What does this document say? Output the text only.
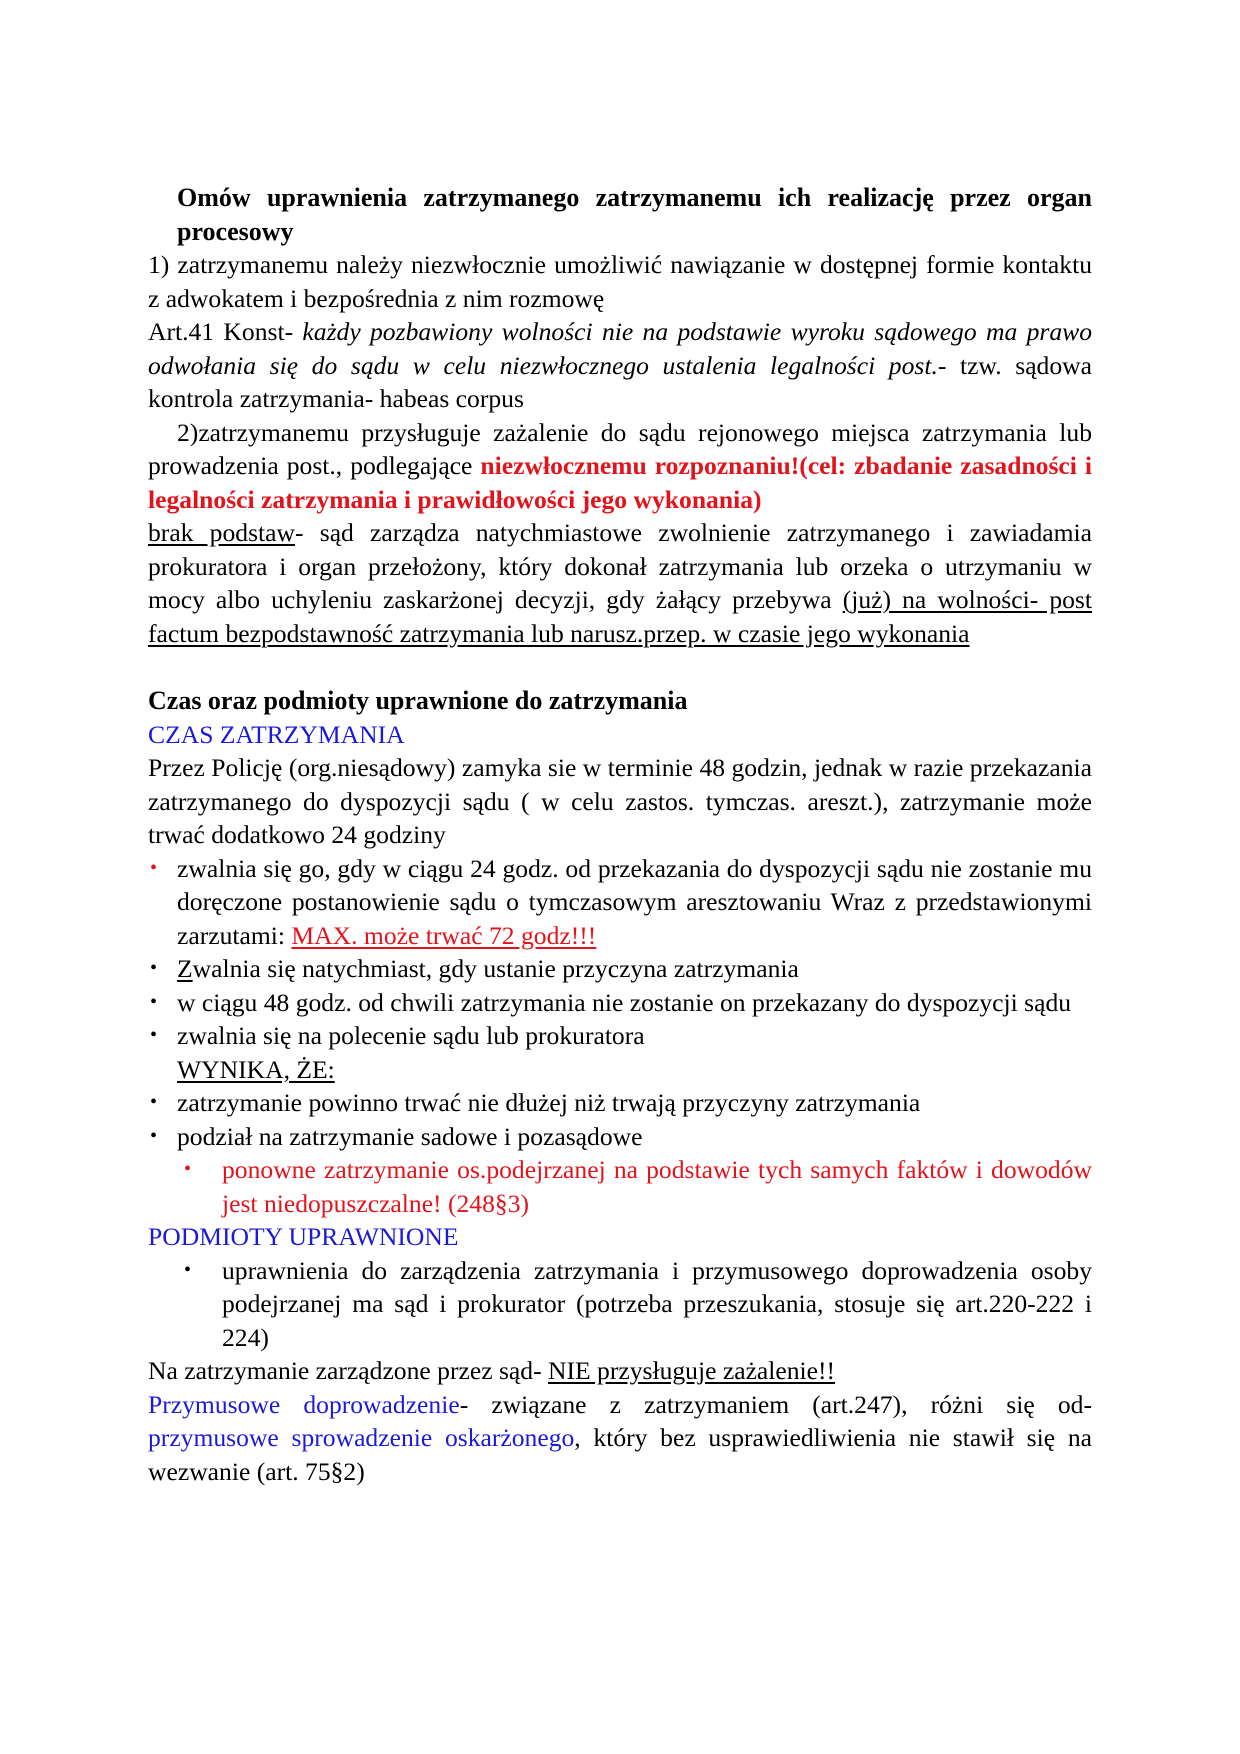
Omów uprawnienia zatrzymanego zatrzymanemu ich realizację przez organ procesowy

1) zatrzymanemu należy niezwłocznie umożliwić nawiązanie w dostępnej formie kontaktu z adwokatem i bezpośrednia z nim rozmowę

Art.41 Konst- każdy pozbawiony wolności nie na podstawie wyroku sądowego ma prawo odwołania się do sądu w celu niezwłocznego ustalenia legalności post.- tzw. sądowa kontrola zatrzymania- habeas corpus

2)zatrzymanemu przysługuje zażalenie do sądu rejonowego miejsca zatrzymania lub prowadzenia post., podlegające niezwłocznemu rozpoznaniu!(cel: zbadanie zasadności i legalności zatrzymania i prawidłowości jego wykonania)

brak podstaw- sąd zarządza natychmiastowe zwolnienie zatrzymanego i zawiadamia prokuratora i organ przełożony, który dokonał zatrzymania lub orzeka o utrzymaniu w mocy albo uchyleniu zaskarżonej decyzji, gdy żałący przebywa (już) na wolności- post factum bezpodstawność zatrzymania lub narusz.przep. w czasie jego wykonania

Czas oraz podmioty uprawnione do zatrzymania

CZAS ZATRZYMANIA

Przez Policję (org.niesądowy) zamyka sie w terminie 48 godzin, jednak w razie przekazania zatrzymanego do dyspozycji sądu ( w celu zastos. tymczas. areszt.), zatrzymanie może trwać dodatkowo 24 godziny

• zwalnia się go, gdy w ciągu 24 godz. od przekazania do dyspozycji sądu nie zostanie mu doręczone postanowienie sądu o tymczasowym aresztowaniu Wraz z przedstawionymi zarzutami: MAX. może trwać 72 godz!!!
• Zwalnia się natychmiast, gdy ustanie przyczyna zatrzymania
• w ciągu 48 godz. od chwili zatrzymania nie zostanie on przekazany do dyspozycji sądu
• zwalnia się na polecenie sądu lub prokuratora

WYNIKA, ŻE:

• zatrzymanie powinno trwać nie dłużej niż trwają przyczyny zatrzymania
• podział na zatrzymanie sadowe i pozasądowe
• ponowne zatrzymanie os.podejrzanej na podstawie tych samych faktów i dowodów jest niedopuszczalne! (248§3)

PODMIOTY UPRAWNIONE

• uprawnienia do zarządzenia zatrzymania i przymusowego doprowadzenia osoby podejrzanej ma sąd i prokurator (potrzeba przeszukania, stosuje się art.220-222 i 224)

Na zatrzymanie zarządzone przez sąd- NIE przysługuje zażalenie!!

Przymusowe doprowadzenie- związane z zatrzymaniem (art.247), różni się od- przymusowe sprowadzenie oskarżonego, który bez usprawiedliwienia nie stawił się na wezwanie (art. 75§2)
